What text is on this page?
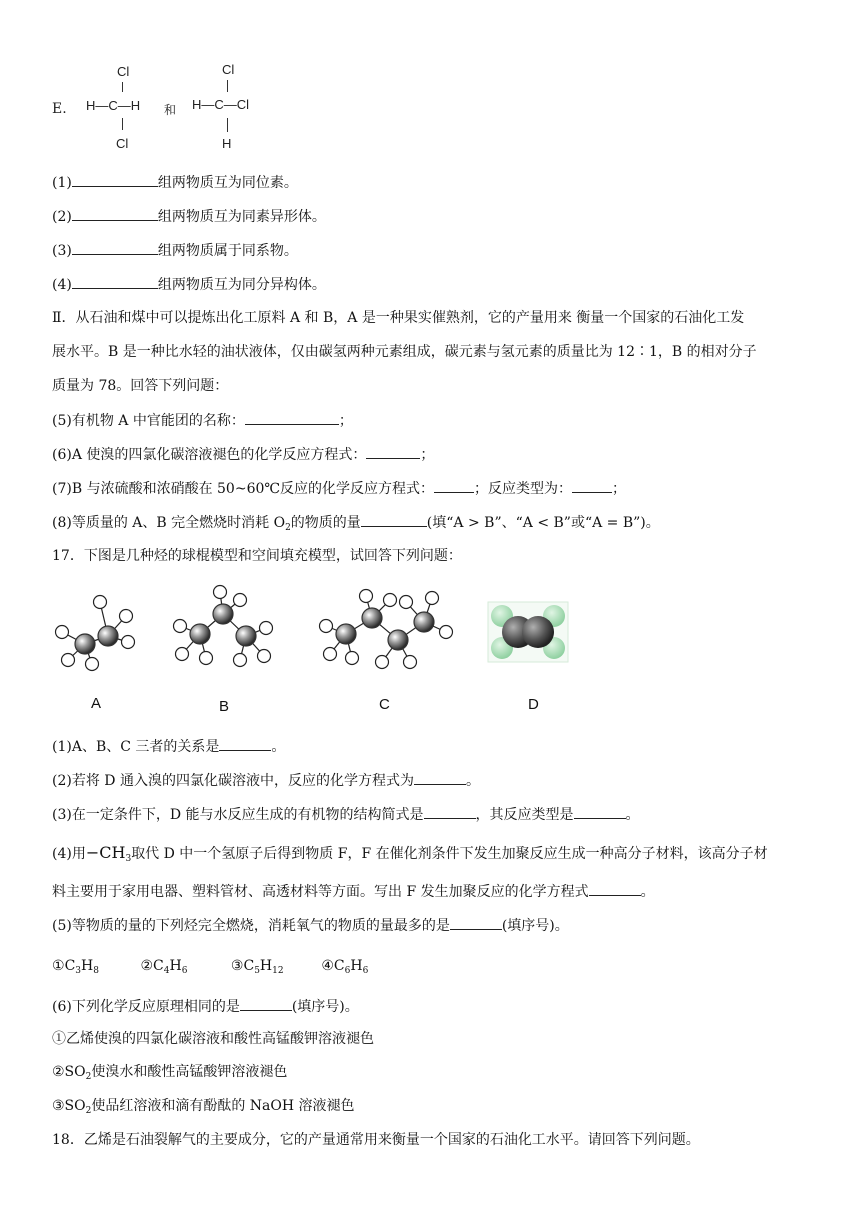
E.
Cl
H—C—H
Cl
和
Cl
H—C—Cl
H
(1)	组两物质互为同位素。
(2)	组两物质互为同素异形体。
(3)	组两物质属于同系物。
(4)	组两物质互为同分异构体。
Ⅱ．从石油和煤中可以提炼出化工原料 A 和 B，A 是一种果实催熟剂，它的产量用来 衡量一个国家的石油化工发
展水平。B 是一种比水轻的油状液体，仅由碳氢两种元素组成，碳元素与氢元素的质量比为 12∶1，B 的相对分子
质量为 78。回答下列问题：
(5)有机物 A 中官能团的名称：	；
(6)A 使溴的四氯化碳溶液褪色的化学反应方程式：	；
(7)B 与浓硫酸和浓硝酸在 50~60℃反应的化学反应方程式：	；反应类型为：	；
(8)等质量的 A、B 完全燃烧时消耗 $O_2$的物质的量	(填“A > B”、“A < B”或“A = B”)。
17．下图是几种烃的球棍模型和空间填充模型，试回答下列问题：
A	B	C	D
(1)A、B、C 三者的关系是	。
(2)若将 D 通入溴的四氯化碳溶液中，反应的化学方程式为	。
(3)在一定条件下，D 能与水反应生成的有机物的结构简式是	，其反应类型是	。
(4)用$-CH_3$取代 D 中一个氢原子后得到物质 F，F 在催化剂条件下发生加聚反应生成一种高分子材料，该高分子材
料主要用于家用电器、塑料管材、高透材料等方面。写出 F 发生加聚反应的化学方程式	。
(5)等物质的量的下列烃完全燃烧，消耗氧气的物质的量最多的是	(填序号)。
$①C_3H_8$	$②C_4H_6$	$③C_5H_{12}$	$④C_6H_6$
(6)下列化学反应原理相同的是	(填序号)。
①乙烯使溴的四氯化碳溶液和酸性高锰酸钾溶液褪色
$②SO_2$使溴水和酸性高锰酸钾溶液褪色
$③SO_2$使品红溶液和滴有酚酞的 NaOH 溶液褪色
18．乙烯是石油裂解气的主要成分，它的产量通常用来衡量一个国家的石油化工水平。请回答下列问题。
